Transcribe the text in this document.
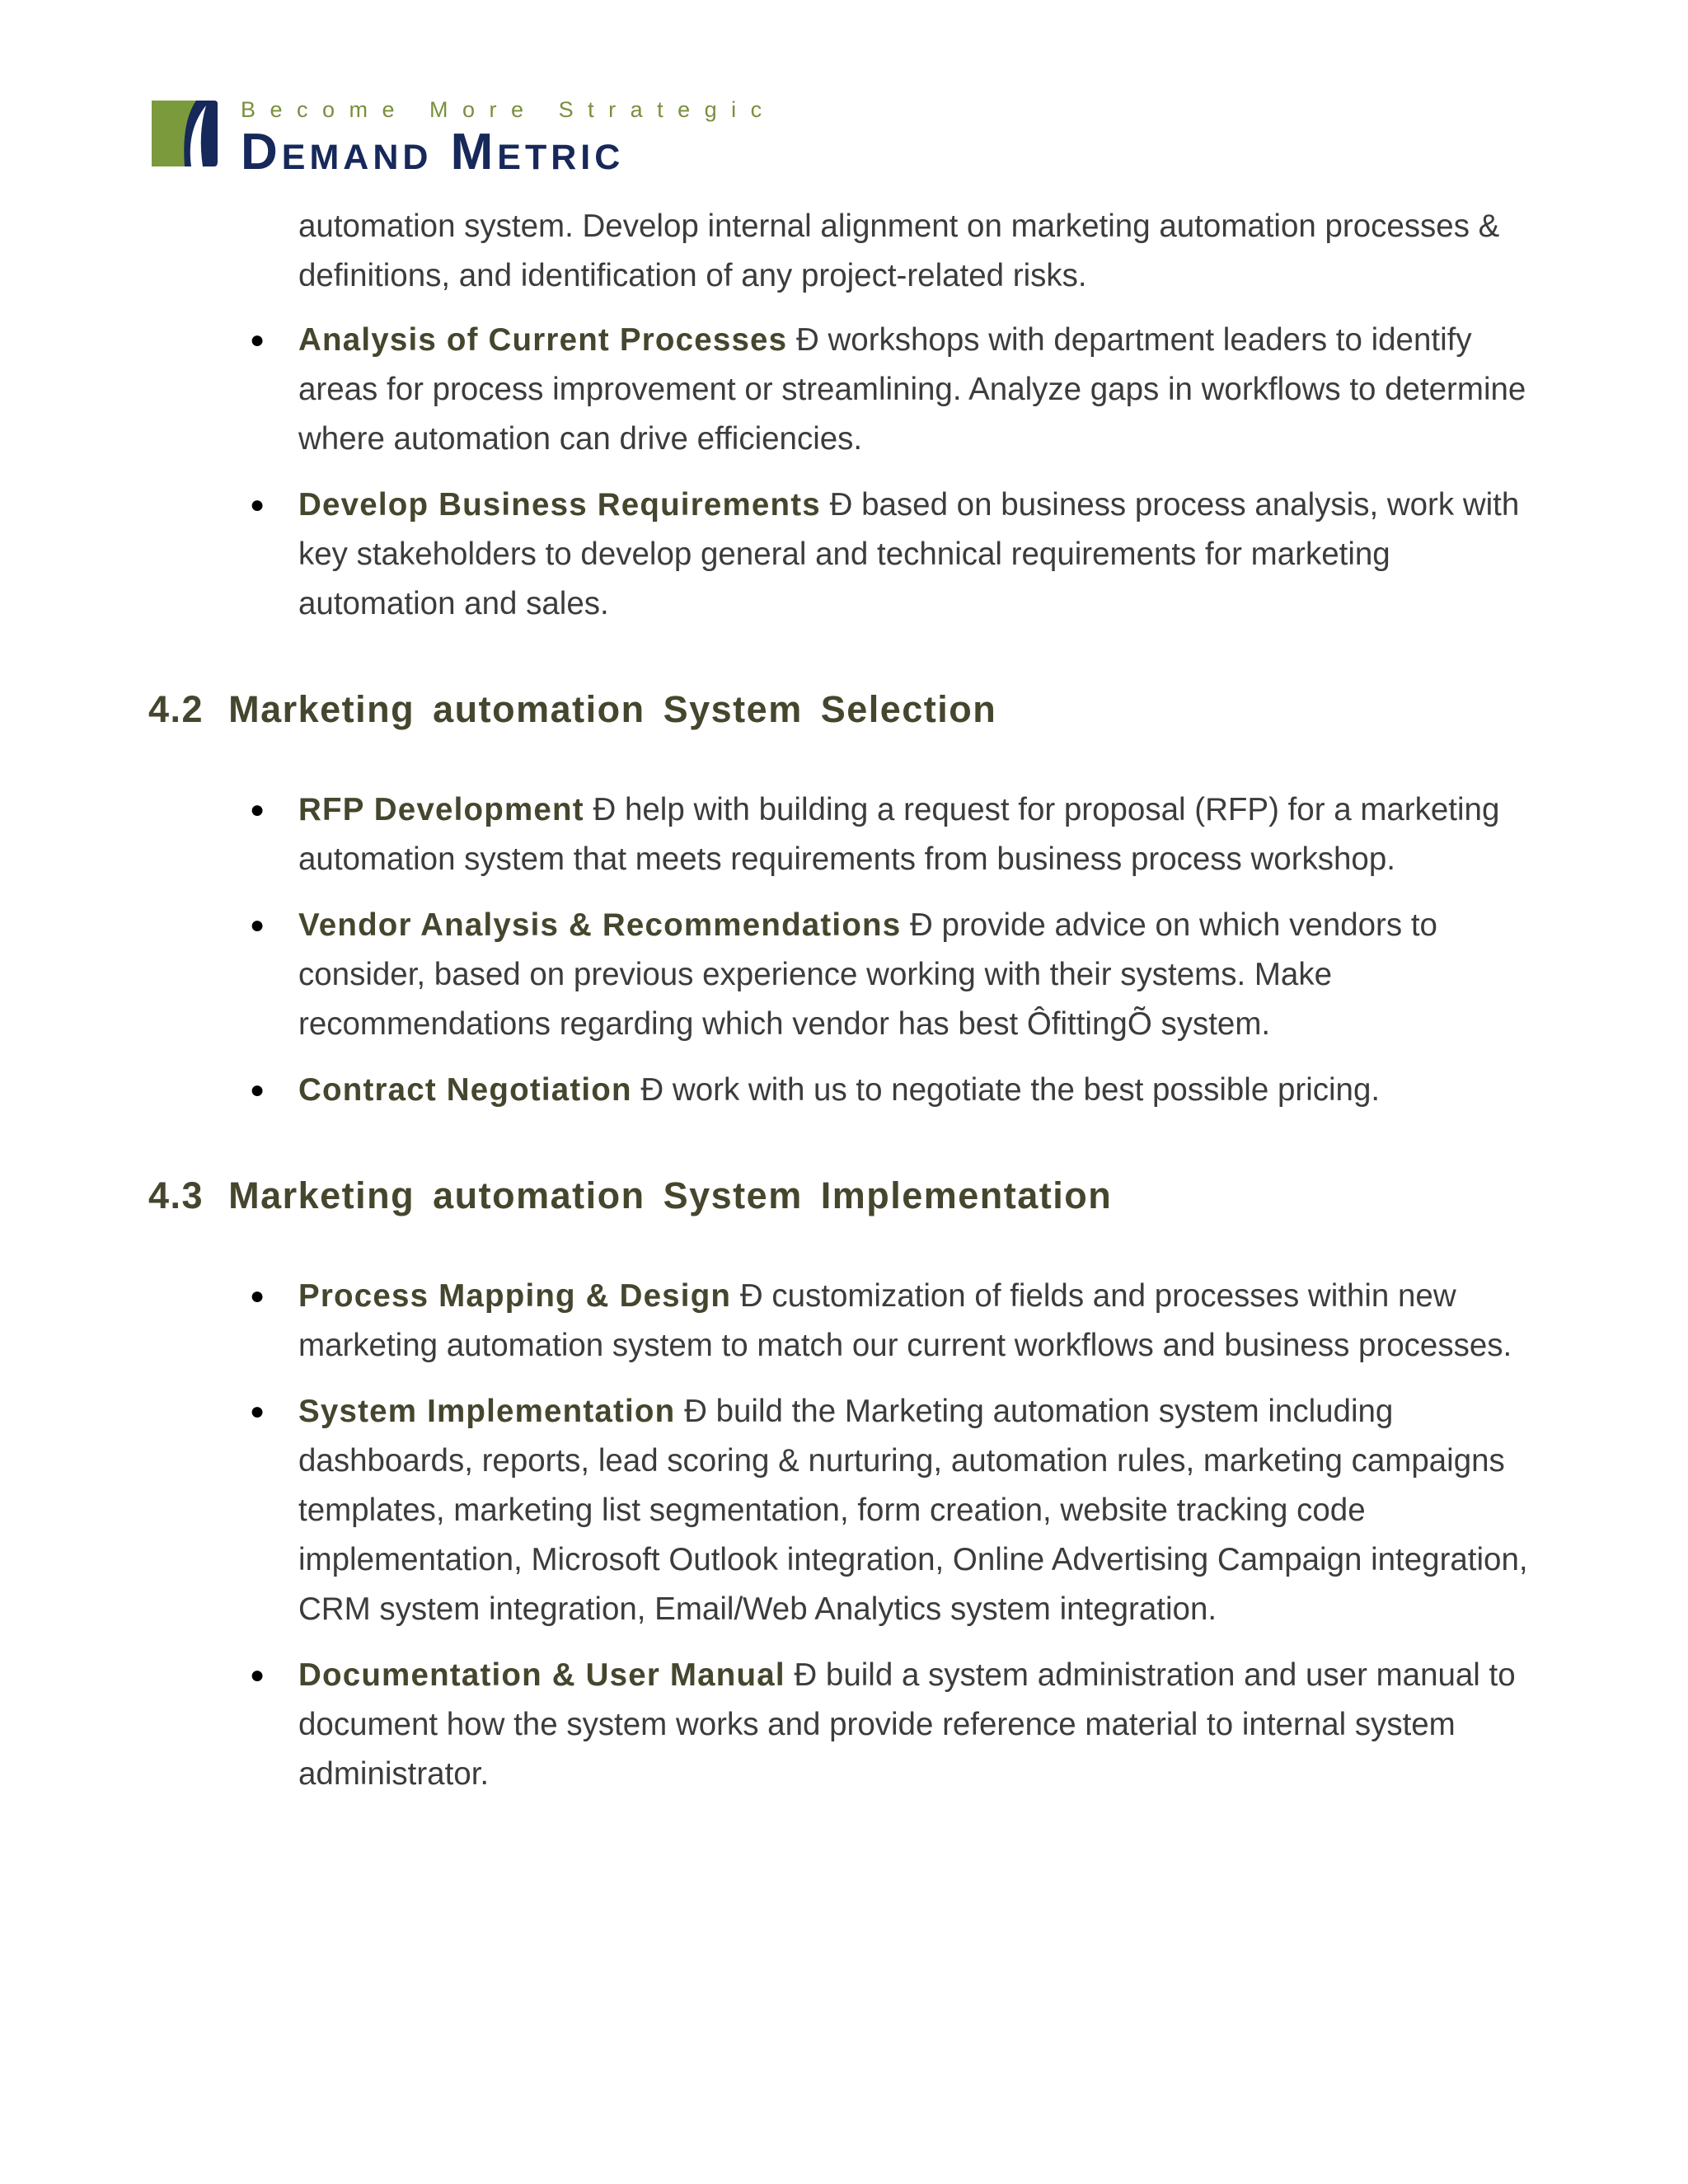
Become More Strategic
Demand Metric

automation system. Develop internal alignment on marketing automation processes & definitions, and identification of any project-related risks.

● Analysis of Current Processes Ð workshops with department leaders to identify areas for process improvement or streamlining. Analyze gaps in workflows to determine where automation can drive efficiencies.
● Develop Business Requirements Ð based on business process analysis, work with key stakeholders to develop general and technical requirements for marketing automation and sales.
4.2 Marketing automation System Selection
● RFP Development Ð help with building a request for proposal (RFP) for a marketing automation system that meets requirements from business process workshop.
● Vendor Analysis & Recommendations Ð provide advice on which vendors to consider, based on previous experience working with their systems. Make recommendations regarding which vendor has best ÔfittingÕ system.
● Contract Negotiation Ð work with us to negotiate the best possible pricing.
4.3 Marketing automation System Implementation
● Process Mapping & Design Ð customization of fields and processes within new marketing automation system to match our current workflows and business processes.
● System Implementation Ð build the Marketing automation system including dashboards, reports, lead scoring & nurturing, automation rules, marketing campaigns templates, marketing list segmentation, form creation, website tracking code implementation, Microsoft Outlook integration, Online Advertising Campaign integration, CRM system integration, Email/Web Analytics system integration.
● Documentation & User Manual Ð build a system administration and user manual to document how the system works and provide reference material to internal system administrator.
